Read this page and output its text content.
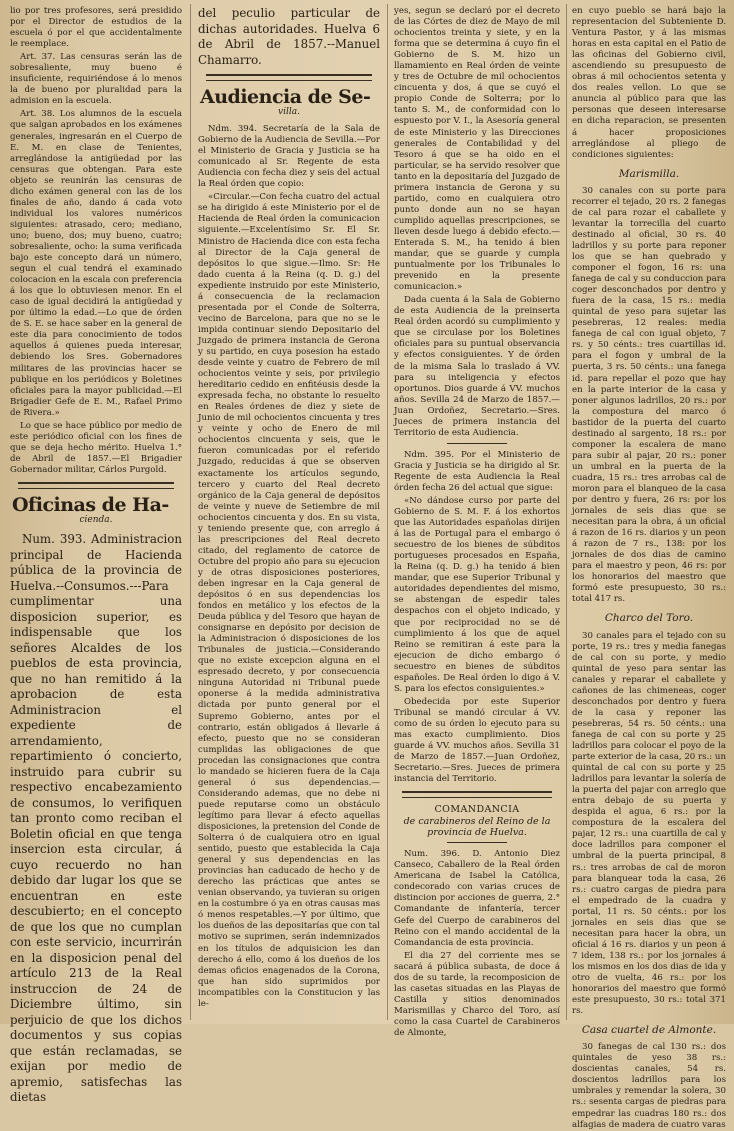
lio por tres profesores, será presidido por el Director de estudios de la escuela ó por el que accidentalmente le reemplace.

Art. 37. Las censuras serán las de sobresaliente, muy bueno é insuficiente, requiriéndose á lo menos la de bueno por pluralidad para la admision en la escuela.

Art. 38. Los alumnos de la escuela que salgan aprobados en los exámenes generales, ingresarán en el Cuerpo de E. M. en clase de Tenientes, arreglándose la antigüedad por las censuras que obtengan. Para este objeto se reunirán las censuras de dicho exámen general con las de los finales de año, dando á cada voto individual los valores numéricos siguientes: atrasado, cero; mediano, uno; bueno, dos; muy bueno, cuatro; sobresaliente, ocho: la suma verificada bajo este concepto dará un número, segun el cual tendrá el examinado colocacion en la escala con preferencia á los que lo obtuviesen menor. En el caso de igual decidirá la antigüedad y por último la edad.—Lo que de órden de S. E. se hace saber en la general de este dia para conocimiento de todos aquellos á quienes pueda interesar, debiendo los Sres. Gobernadores militares de las provincias hacer se publique en los periódicos y Boletines oficiales para la mayor publicidad.—El Brigadier Gefe de E. M., Rafael Primo de Rivera.»

Lo que se hace público por medio de este periódico oficial con los fines de que se deja hecho mérito. Huelva 1.° de Abril de 1857.—El Brigadier Gobernador militar, Cárlos Purgold.

Oficinas de Ha-
cienda.

Num. 393. Administracion principal de Hacienda pública de la provincia de Huelva.--Consumos.---Para cumplimentar una disposicion superior, es indispensable que los señores Alcaldes de los pueblos de esta provincia, que no han remitido á la aprobacion de esta Administracion el expediente de arrendamiento, repartimiento ó concierto, instruido para cubrir su respectivo encabezamiento de consumos, lo verifiquen tan pronto como reciban el Boletin oficial en que tenga insercion esta circular, á cuyo recuerdo no han debido dar lugar los que se encuentran en este descubierto; en el concepto de que los que no cumplan con este servicio, incurrirán en la disposicion penal del artículo 213 de la Real instruccion de 24 de Diciembre último, sin perjuicio de que los dichos documentos y sus copias que están reclamadas, se exijan por medio de apremio, satisfechas las dietas

del peculio particular de dichas autoridades. Huelva 6 de Abril de 1857.--Manuel Chamarro.

Audiencia de Se-
villa.

Ndm. 394. Secretaría de la Sala de Gobierno de la Audiencia de Sevilla.—Por el Ministerio de Gracia y Justicia se ha comunicado al Sr. Regente de esta Audiencia con fecha diez y seis del actual la Real órden que copio:

«Circular.—Con fecha cuatro del actual se ha dirigido á este Ministerio por el de Hacienda de Real órden la comunicacion siguiente.—Excelentísimo Sr. El Sr. Ministro de Hacienda dice con esta fecha al Director de la Caja general de depósitos lo que sigue.—Ilmo. Sr: He dado cuenta á la Reina (q. D. g.) del expediente instruido por este Ministerio, á consecuencia de la reclamacion presentada por el Conde de Solterra, vecino de Barcelona, para que no se le impida continuar siendo Depositario del Juzgado de primera instancia de Gerona y su partido, en cuya posesion ha estado desde veinte y cuatro de Febrero de mil ochocientos veinte y seis, por privilegio hereditario cedido en enfitéusis desde la expresada fecha, no obstante lo resuelto en Reales órdenes de diez y siete de Junio de mil ochocientos cincuenta y tres y veinte y ocho de Enero de mil ochocientos cincuenta y seis, que le fueron comunicadas por el referido Juzgado, reducidas á que se observen exactamente los artículos segundo, tercero y cuarto del Real decreto orgánico de la Caja general de depósitos de veinte y nueve de Setiembre de mil ochocientos cincuenta y dos. En su vista, y teniendo presente que, con arreglo á las prescripciones del Real decreto citado, del reglamento de catorce de Octubre del propio año para su ejecucion y de otras disposiciones posteriores, deben ingresar en la Caja general de depósitos ó en sus dependencias los fondos en metálico y los efectos de la Deuda pública y del Tesoro que hayan de consignarse en depósito por decision de la Administracion ó disposiciones de los Tribunales de justicia.—Considerando que no existe excepcion alguna en el espresado decreto, y por consecuencia ninguna Autoridad ni Tribunal puede oponerse á la medida administrativa dictada por punto general por el Supremo Gobierno, antes por el contrario, están obligados á llevarle á efecto, puesto que no se consideran cumplidas las obligaciones de que procedan las consignaciones que contra lo mandado se hicieren fuera de la Caja general ó sus dependencias.—Considerando ademas, que no debe ni puede reputarse como un obstáculo legítimo para llevar á efecto aquellas disposiciones, la pretension del Conde de Solterra ó de cualquiera otro en igual sentido, puesto que establecida la Caja general y sus dependencias en las provincias han caducado de hecho y de derecho las prácticas que antes se venian observando, ya tuvieran su origen en la costumbre ó ya en otras causas mas ó menos respetables.—Y por último, que los dueños de las depositarías que con tal motivo se suprimen, serán indemnizados en los títulos de adquisicion les dan derecho á ello, como á los dueños de los demas oficios enagenados de la Corona, que han sido suprimidos por incompatibles con la Constitucion y las le-

yes, segun se declaró por el decreto de las Córtes de diez de Mayo de mil ochocientos treinta y siete, y en la forma que se determina á cuyo fin el Gobierno de S. M. hizo un llamamiento en Real órden de veinte y tres de Octubre de mil ochocientos cincuenta y dos, á que se cuyó el propio Conde de Solterra; por lo tanto S. M., de conformidad con lo espuesto por V. I., la Asesoría general de este Ministerio y las Direcciones generales de Contabilidad y del Tesoro á que se ha oido en el particular, se ha servido resolver que tanto en la depositaría del Juzgado de primera instancia de Gerona y su partido, como en cualquiera otro punto donde aun no se hayan cumplido aquellas prescripciones, se lleven desde luego á debido efecto.—Enterada S. M., ha tenido á bien mandar, que se guarde y cumpla puntualmente por los Tribunales lo prevenido en la presente comunicacion.»

Dada cuenta á la Sala de Gobierno de esta Audiencia de la preinserta Real órden acordó su cumplimiento y que se circulase por los Boletines oficiales para su puntual observancia y efectos consiguientes. Y de órden de la misma Sala lo traslado á VV. para su inteligencia y efectos oportunos. Dios guarde á VV. muchos años. Sevilla 24 de Marzo de 1857.—Juan Ordoñez, Secretario.—Sres. Jueces de primera instancia del Territorio de esta Audiencia.

Ndm. 395. Por el Ministerio de Gracia y Justicia se ha dirigido al Sr. Regente de esta Audiencia la Real órden fecha 26 del actual que sigue:

«No dándose curso por parte del Gobierno de S. M. F. á los exhortos que las Autoridades españolas dirijen á las de Portugal para el embargo ó secuestro de los bienes de súbditos portugueses procesados en España, la Reina (q. D. g.) ha tenido á bien mandar, que ese Superior Tribunal y autoridades dependientes del mismo, se abstengan de espedir tales despachos con el objeto indicado, y que por reciprocidad no se dé cumplimiento á los que de aquel Reino se remitiran á este para la ejecucion de dicho embargo ó secuestro en bienes de súbditos españoles. De Real órden lo digo á V. S. para los efectos consiguientes.»

Obedecida por este Superior Tribunal se mandó circular á VV. como de su órden lo ejecuto para su mas exacto cumplimiento. Dios guarde á VV. muchos años. Sevilla 31 de Marzo de 1857.—Juan Ordoñez, Secretario.—Sres. Jueces de primera instancia del Territorio.

COMANDANCIA
de carabineros del Reino de la provincia de Huelva.

Num. 396. D. Antonio Diez Canseco, Caballero de la Real órden Americana de Isabel la Católica, condecorado con varias cruces de distincion por acciones de guerra, 2.° Comandante de infantería, tercer Gefe del Cuerpo de carabineros del Reino con el mando accidental de la Comandancia de esta provincia.

El dia 27 del corriente mes se sacará á pública subasta, de doce á dos de su tarde, la recomposicion de las casetas situadas en las Playas de Castilla y sitios denominados Marismillas y Charco del Toro, así como la casa Cuartel de Carabineros de Almonte,

en cuyo pueblo se hará bajo la representacion del Subteniente D. Ventura Pastor, y á las mismas horas en esta capital en el Patio de las oficinas del Gobierno civil, ascendiendo su presupuesto de obras á mil ochocientos setenta y dos reales vellon. Lo que se anuncia al público para que las personas que deseen interesarse en dicha reparacion, se presenten á hacer proposiciones arreglándose al pliego de condiciones siguientes:

Marismilla.

30 canales con su porte para recorrer el tejado, 20 rs. 2 fanegas de cal para rozar el caballete y levantar la torrecilla del cuarto destinado al oficial, 30 rs. 40 ladrillos y su porte para reponer los que se han quebrado y componer el fogon, 16 rs: una fanega de cal y su conduccion para coger desconchados por dentro y fuera de la casa, 15 rs.: media quintal de yeso para sujetar las pesebreras, 12 reales: media fanega de cal con igual objeto, 7 rs. y 50 cénts.: tres cuartillas id. para el fogon y umbral de la puerta, 3 rs. 50 cénts.: una fanega id. para repellar el pozo que hay en la parte interior de la casa y poner algunos ladrillos, 20 rs.: por la compostura del marco ó bastidor de la puerta del cuarto destinado al sargento, 18 rs.: por componer la escalera de mano para subir al pajar, 20 rs.: poner un umbral en la puerta de la cuadra, 15 rs.: tres arrobas cal de moron para el blanqueo de la casa por dentro y fuera, 26 rs: por los jornales de seis dias que se necesitan para la obra, á un oficial á razon de 16 rs. diarios y un peon á razon de 7 rs., 138: por los jornales de dos dias de camino para el maestro y peon, 46 rs: por los honorarios del maestro que formó este presupuesto, 30 rs.: total 417 rs.

Charco del Toro.

30 canales para el tejado con su porte, 19 rs.: tres y media fanegas de cal con su porte, y medio quintal de yeso para sentar las canales y reparar el caballete y cañones de las chimeneas, coger desconchados por dentro y fuera de la casa y reponer las pesebreras, 54 rs. 50 cénts.: una fanega de cal con su porte y 25 ladrillos para colocar el poyo de la parte exterior de la casa, 20 rs.: un quintal de cal con su porte y 25 ladrillos para levantar la solería de la puerta del pajar con arreglo que entra debajo de su puerta y despida el agua, 6 rs.: por la compostura de la escalera del pajar, 12 rs.: una cuartilla de cal y doce ladrillos para componer el umbral de la puerta principal, 8 rs.: tres arrobas de cal de moron para blanquear toda la casa, 26 rs.: cuatro cargas de piedra para el empedrado de la cuadra y portal, 11 rs. 50 cénts.: por los jornales en seis dias que se necesitan para hacer la obra, un oficial á 16 rs. diarios y un peon á 7 idem, 138 rs.: por los jornales á los mismos en los dos dias de ida y otro de vuelta, 46 rs.: por los honorarios del maestro que formó este presupuesto, 30 rs.: total 371 rs.

Casa cuartel de Almonte.

30 fanegas de cal 130 rs.: dos quintales de yeso 38 rs.: doscientas canales, 54 rs. doscientos ladrillos para los umbrales y remendar la solera, 30 rs.: sesenta cargas de piedras para empedrar las cuadras 180 rs.: dos alfagias de madera de cuatro varas
